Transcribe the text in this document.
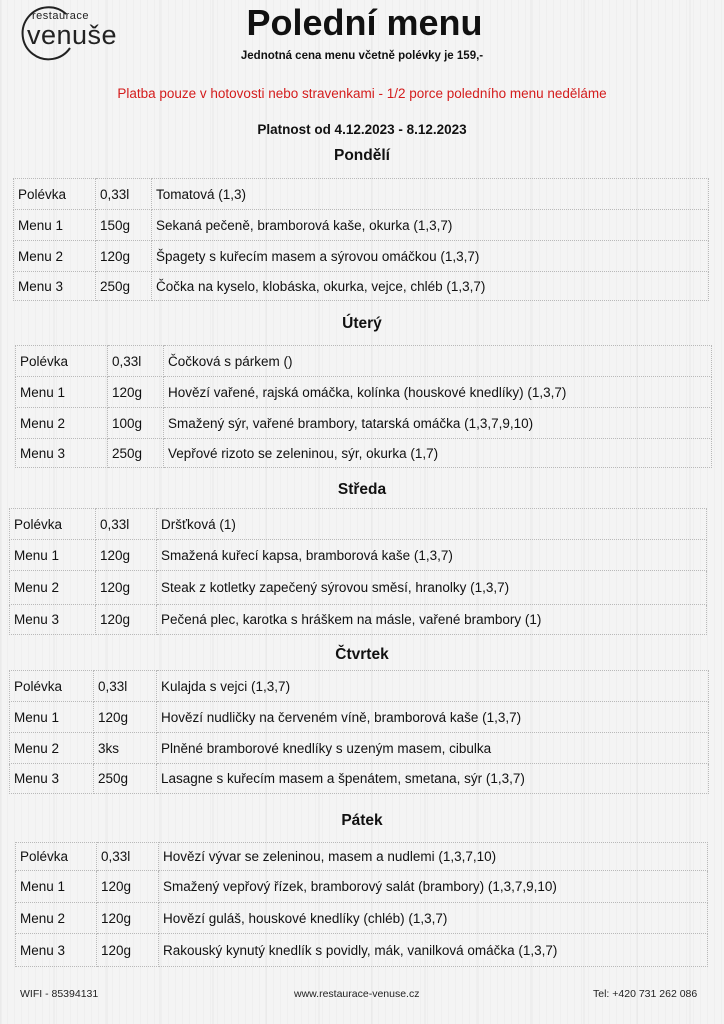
restaurace
venuše	Polední menu
Jednotná cena menu včetně polévky je 159,-
Platba pouze v hotovosti nebo stravenkami - 1/2 porce poledního menu neděláme
Platnost od 4.12.2023 - 8.12.2023
Pondělí
Polévka	0,33l	Tomatová (1,3)
Menu 1	150g	Sekaná pečeně, bramborová kaše, okurka (1,3,7)
Menu 2	120g	Špagety s kuřecím masem a sýrovou omáčkou (1,3,7)
Menu 3	250g	Čočka na kyselo, klobáska, okurka, vejce, chléb (1,3,7)
Úterý
Polévka	0,33l	Čočková s párkem ()
Menu 1	120g	Hovězí vařené, rajská omáčka, kolínka (houskové knedlíky) (1,3,7)
Menu 2	100g	Smažený sýr, vařené brambory, tatarská omáčka (1,3,7,9,10)
Menu 3	250g	Vepřové rizoto se zeleninou, sýr, okurka (1,7)
Středa
Polévka	0,33l	Dršťková (1)
Menu 1	120g	Smažená kuřecí kapsa, bramborová kaše (1,3,7)
Menu 2	120g	Steak z kotletky zapečený sýrovou směsí, hranolky (1,3,7)
Menu 3	120g	Pečená plec, karotka s hráškem na másle, vařené brambory (1)
Čtvrtek
Polévka	0,33l	Kulajda s vejci (1,3,7)
Menu 1	120g	Hovězí nudličky na červeném víně, bramborová kaše (1,3,7)
Menu 2	3ks	Plněné bramborové knedlíky s uzeným masem, cibulka
Menu 3	250g	Lasagne s kuřecím masem a špenátem, smetana, sýr (1,3,7)
Pátek
Polévka	0,33l	Hovězí vývar se zeleninou, masem a nudlemi (1,3,7,10)
Menu 1	120g	Smažený vepřový řízek, bramborový salát (brambory) (1,3,7,9,10)
Menu 2	120g	Hovězí guláš, houskové knedlíky (chléb) (1,3,7)
Menu 3	120g	Rakouský kynutý knedlík s povidly, mák, vanilková omáčka (1,3,7)
WIFI - 85394131	www.restaurace-venuse.cz	Tel: +420 731 262 086
